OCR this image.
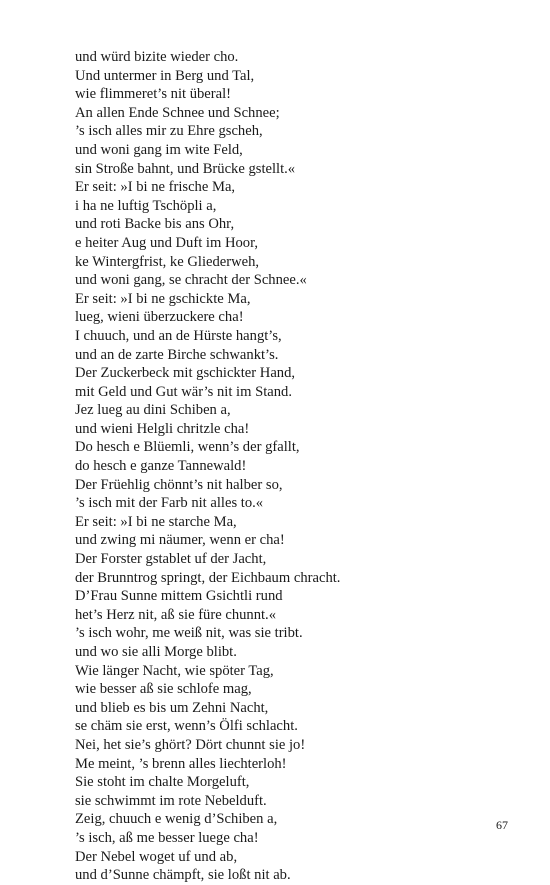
und würd bizite wieder cho.
Und untermer in Berg und Tal,
wie flimmeret’s nit überal!
An allen Ende Schnee und Schnee;
’s isch alles mir zu Ehre gscheh,
und woni gang im wite Feld,
sin Stroße bahnt, und Brücke gstellt.«
Er seit: »I bi ne frische Ma,
i ha ne luftig Tschöpli a,
und roti Backe bis ans Ohr,
e heiter Aug und Duft im Hoor,
ke Wintergfrist, ke Gliederweh,
und woni gang, se chracht der Schnee.«
Er seit: »I bi ne gschickte Ma,
lueg, wieni überzuckere cha!
I chuuch, und an de Hürste hangt’s,
und an de zarte Birche schwankt’s.
Der Zuckerbeck mit gschickter Hand,
mit Geld und Gut wär’s nit im Stand.
Jez lueg au dini Schiben a,
und wieni Helgli chritzle cha!
Do hesch e Blüemli, wenn’s der gfallt,
do hesch e ganze Tannewald!
Der Früehlig chönnt’s nit halber so,
’s isch mit der Farb nit alles to.«
Er seit: »I bi ne starche Ma,
und zwing mi näumer, wenn er cha!
Der Forster gstablet uf der Jacht,
der Brunntrog springt, der Eichbaum chracht.
D’Frau Sunne mittem Gsichtli rund
het’s Herz nit, aß sie füre chunnt.«
’s isch wohr, me weiß nit, was sie tribt.
und wo sie alli Morge blibt.
Wie länger Nacht, wie spöter Tag,
wie besser aß sie schlofe mag,
und blieb es bis um Zehni Nacht,
se chäm sie erst, wenn’s Ölfi schlacht.
Nei, het sie’s ghört? Dört chunnt sie jo!
Me meint, ’s brenn alles liechterloh!
Sie stoht im chalte Morgeluft,
sie schwimmt im rote Nebelduft.
Zeig, chuuch e wenig d’Schiben a,
’s isch, aß me besser luege cha!
Der Nebel woget uf und ab,
und d’Sunne chämpft, sie loßt nit ab.
67
